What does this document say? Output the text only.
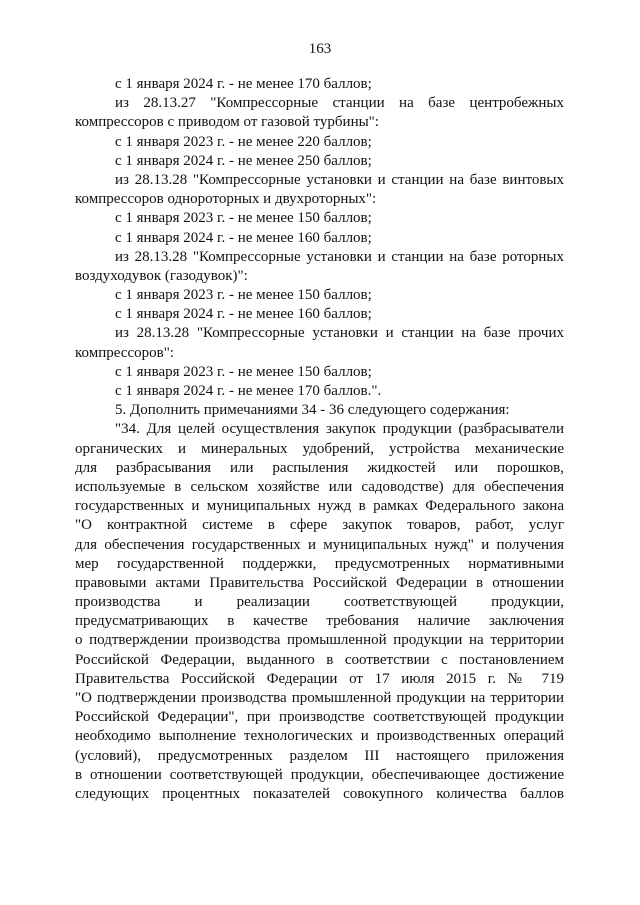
163
с 1 января 2024 г. - не менее 170 баллов;
из 28.13.27 "Компрессорные станции на базе центробежных
компрессоров с приводом от газовой турбины":
с 1 января 2023 г. - не менее 220 баллов;
с 1 января 2024 г. - не менее 250 баллов;
из 28.13.28 "Компрессорные установки и станции на базе винтовых
компрессоров однороторных и двухроторных":
с 1 января 2023 г. - не менее 150 баллов;
с 1 января 2024 г. - не менее 160 баллов;
из 28.13.28 "Компрессорные установки и станции на базе роторных
воздуходувок (газодувок)":
с 1 января 2023 г. - не менее 150 баллов;
с 1 января 2024 г. - не менее 160 баллов;
из 28.13.28 "Компрессорные установки и станции на базе прочих
компрессоров":
с 1 января 2023 г. - не менее 150 баллов;
с 1 января 2024 г. - не менее 170 баллов.".
5. Дополнить примечаниями 34 - 36 следующего содержания:
"34. Для целей осуществления закупок продукции (разбрасыватели
органических и минеральных удобрений, устройства механические
для разбрасывания или распыления жидкостей или порошков,
используемые в сельском хозяйстве или садоводстве) для обеспечения
государственных и муниципальных нужд в рамках Федерального закона
"О контрактной системе в сфере закупок товаров, работ, услуг
для обеспечения государственных и муниципальных нужд" и получения
мер государственной поддержки, предусмотренных нормативными
правовыми актами Правительства Российской Федерации в отношении
производства и реализации соответствующей продукции,
предусматривающих в качестве требования наличие заключения
о подтверждении производства промышленной продукции на территории
Российской Федерации, выданного в соответствии с постановлением
Правительства Российской Федерации от 17 июля 2015 г. № 719
"О подтверждении производства промышленной продукции на территории
Российской Федерации", при производстве соответствующей продукции
необходимо выполнение технологических и производственных операций
(условий), предусмотренных разделом III настоящего приложения
в отношении соответствующей продукции, обеспечивающее достижение
следующих процентных показателей совокупного количества баллов
